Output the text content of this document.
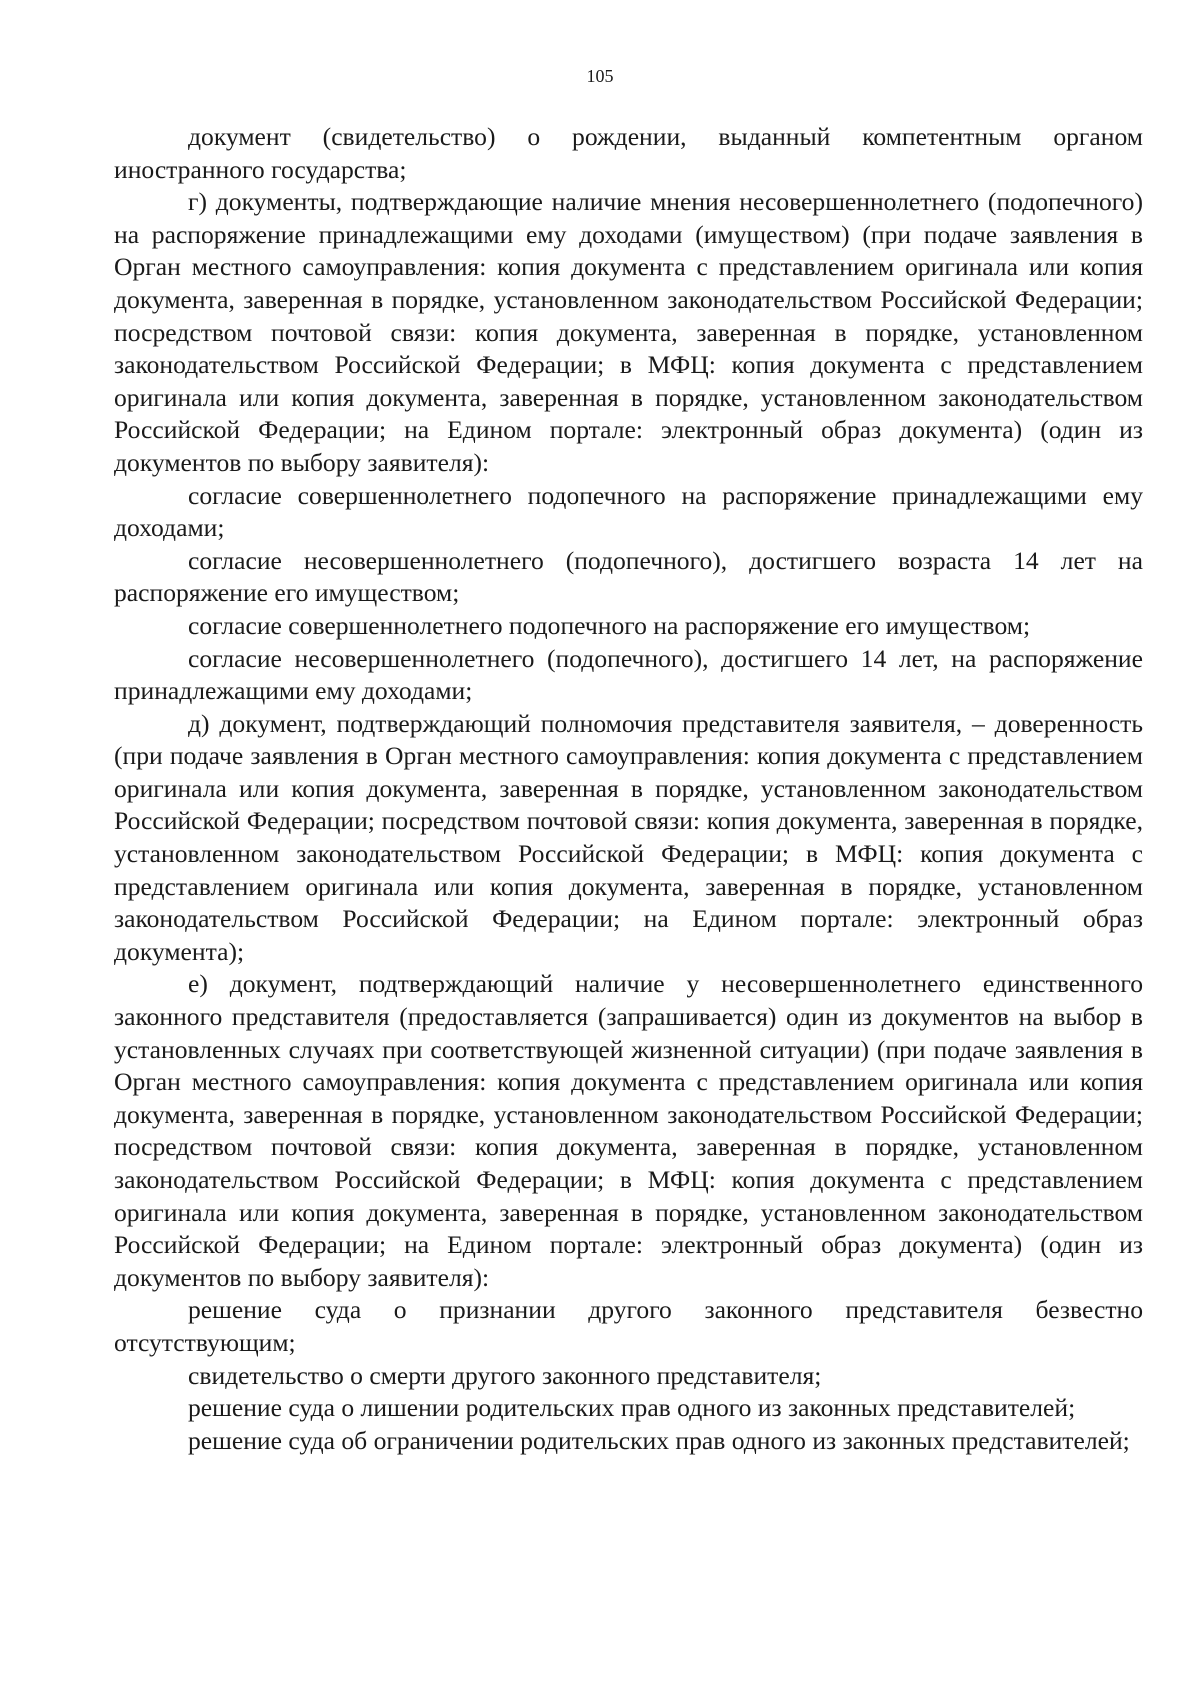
105

документ (свидетельство) о рождении, выданный компетентным органом иностранного государства;

г) документы, подтверждающие наличие мнения несовершеннолетнего (подопечного) на распоряжение принадлежащими ему доходами (имуществом) (при подаче заявления в Орган местного самоуправления: копия документа с представлением оригинала или копия документа, заверенная в порядке, установленном законодательством Российской Федерации; посредством почтовой связи: копия документа, заверенная в порядке, установленном законодательством Российской Федерации; в МФЦ: копия документа с представлением оригинала или копия документа, заверенная в порядке, установленном законодательством Российской Федерации; на Едином портале: электронный образ документа) (один из документов по выбору заявителя):

согласие совершеннолетнего подопечного на распоряжение принадлежащими ему доходами;

согласие несовершеннолетнего (подопечного), достигшего возраста 14 лет на распоряжение его имуществом;

согласие совершеннолетнего подопечного на распоряжение его имуществом;

согласие несовершеннолетнего (подопечного), достигшего 14 лет, на распоряжение принадлежащими ему доходами;

д) документ, подтверждающий полномочия представителя заявителя, – доверенность (при подаче заявления в Орган местного самоуправления: копия документа с представлением оригинала или копия документа, заверенная в порядке, установленном законодательством Российской Федерации; посредством почтовой связи: копия документа, заверенная в порядке, установленном законодательством Российской Федерации; в МФЦ: копия документа с представлением оригинала или копия документа, заверенная в порядке, установленном законодательством Российской Федерации; на Едином портале: электронный образ документа);

е) документ, подтверждающий наличие у несовершеннолетнего единственного законного представителя (предоставляется (запрашивается) один из документов на выбор в установленных случаях при соответствующей жизненной ситуации) (при подаче заявления в Орган местного самоуправления: копия документа с представлением оригинала или копия документа, заверенная в порядке, установленном законодательством Российской Федерации; посредством почтовой связи: копия документа, заверенная в порядке, установленном законодательством Российской Федерации; в МФЦ: копия документа с представлением оригинала или копия документа, заверенная в порядке, установленном законодательством Российской Федерации; на Едином портале: электронный образ документа) (один из документов по выбору заявителя):

решение суда о признании другого законного представителя безвестно отсутствующим;

свидетельство о смерти другого законного представителя;

решение суда о лишении родительских прав одного из законных представителей;

решение суда об ограничении родительских прав одного из законных представителей;
